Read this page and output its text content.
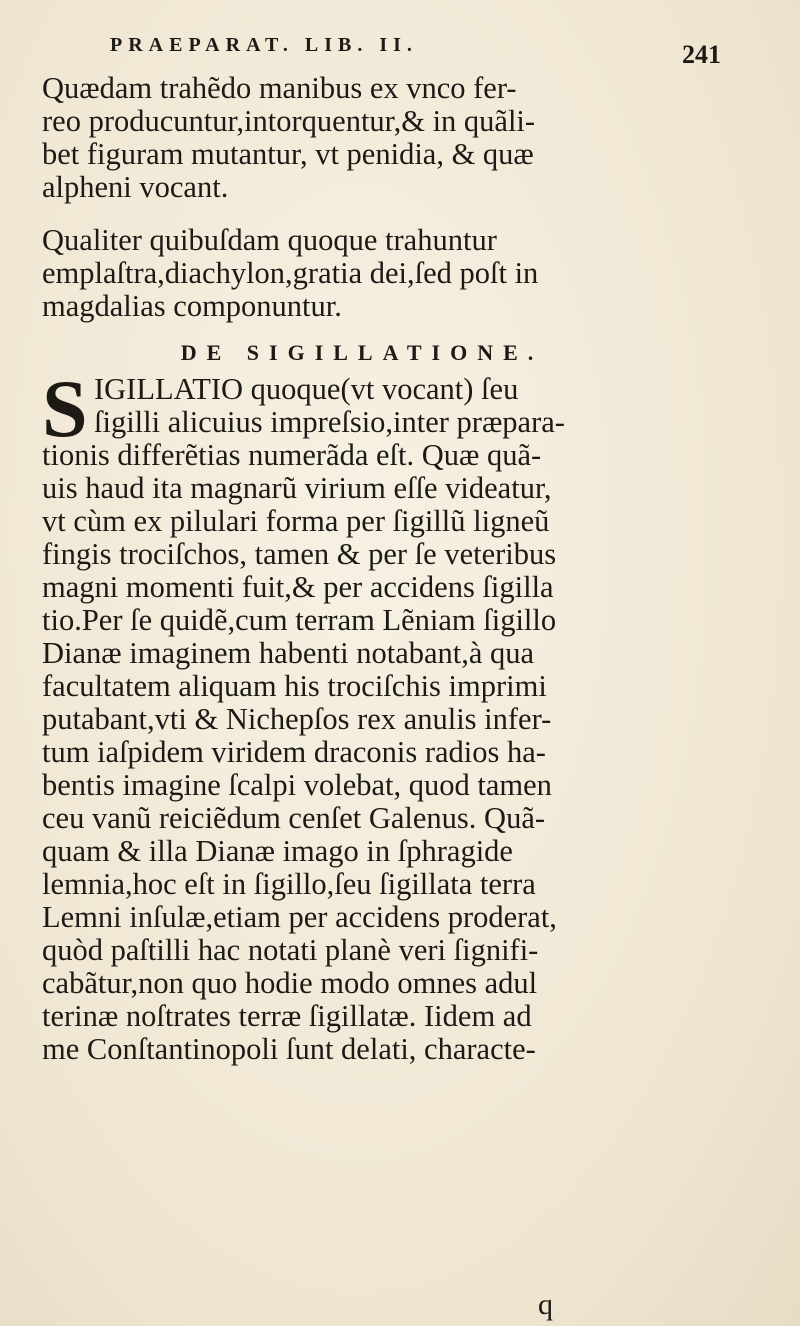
PRAEPARAT. LIB. II.	241
Quædam trahẽdo manibus ex vnco fer-
reo producuntur,intorquentur,& in quãli-
bet figuram mutantur, vt penidia, & quæ
alpheni vocant.
Qualiter quibuſdam quoque trahuntur
emplaſtra,diachylon,gratia dei,ſed poſt in
magdalias componuntur.
DE SIGILLATIONE.
S IGILLATIO quoque(vt vocant) ſeu
ſigilli alicuius impreſsio,inter præpara-
tionis differẽtias numerãda eſt. Quæ quã-
uis haud ita magnarũ virium eſſe videatur,
vt cùm ex pilulari forma per ſigillũ ligneũ
fingis trociſchos, tamen & per ſe veteribus
magni momenti fuit,& per accidens ſigilla
tio.Per ſe quidẽ,cum terram Lẽniam ſigillo
Dianæ imaginem habenti notabant,à qua
facultatem aliquam his trociſchis imprimi
putabant,vti & Nichepſos rex anulis infer-
tum iaſpidem viridem draconis radios ha-
bentis imagine ſcalpi volebat, quod tamen
ceu vanũ reiciẽdum cenſet Galenus. Quã-
quam & illa Dianæ imago in ſphragide
lemnia,hoc eſt in ſigillo,ſeu ſigillata terra
Lemni inſulæ,etiam per accidens proderat,
quòd paſtilli hac notati planè veri ſignifi-
cabãtur,non quo hodie modo omnes adul
terinæ noſtrates terræ ſigillatæ. Iidem ad
me Conſtantinopoli ſunt delati, characte-
q
